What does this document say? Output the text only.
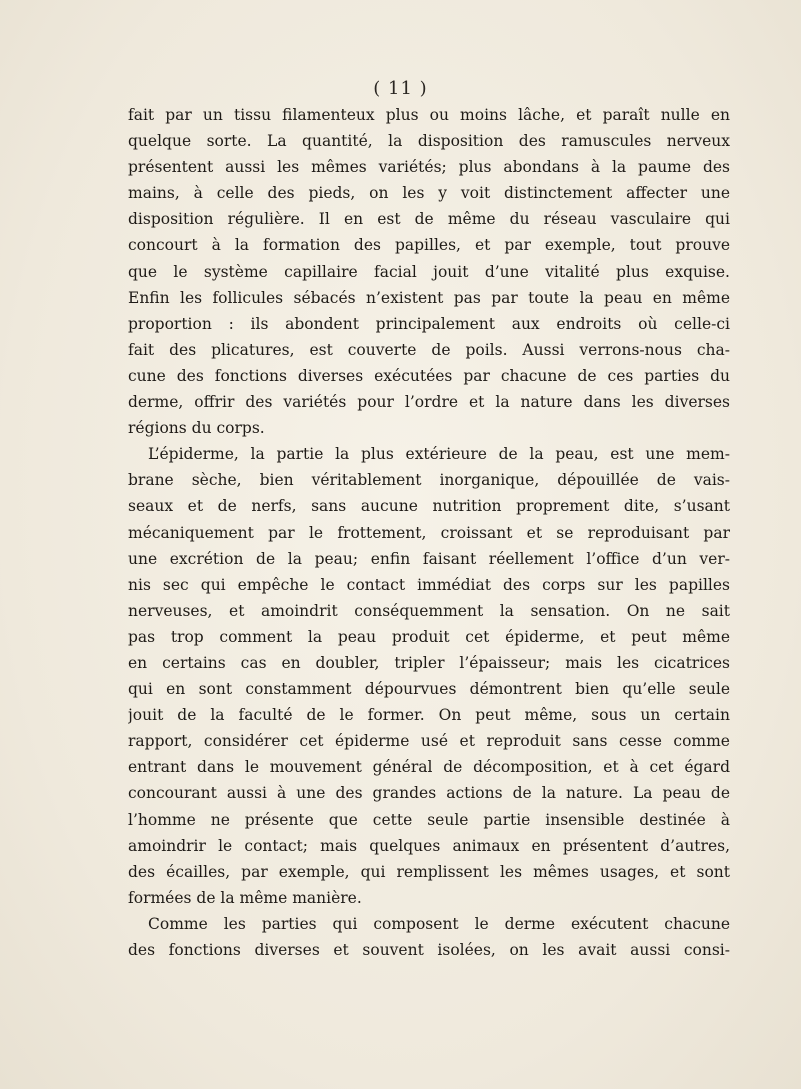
( 11 )
fait par un tissu filamenteux plus ou moins lâche, et paraît nulle en
quelque sorte. La quantité, la disposition des ramuscules nerveux
présentent aussi les mêmes variétés; plus abondans à la paume des
mains, à celle des pieds, on les y voit distinctement affecter une
disposition régulière. Il en est de même du réseau vasculaire qui
concourt à la formation des papilles, et par exemple, tout prouve
que le système capillaire facial jouit d’une vitalité plus exquise.
Enfin les follicules sébacés n’existent pas par toute la peau en même
proportion : ils abondent principalement aux endroits où celle-ci
fait des plicatures, est couverte de poils. Aussi verrons-nous cha-
cune des fonctions diverses exécutées par chacune de ces parties du
derme, offrir des variétés pour l’ordre et la nature dans les diverses
régions du corps.
L’épiderme, la partie la plus extérieure de la peau, est une mem-
brane sèche, bien véritablement inorganique, dépouillée de vais-
seaux et de nerfs, sans aucune nutrition proprement dite, s’usant
mécaniquement par le frottement, croissant et se reproduisant par
une excrétion de la peau; enfin faisant réellement l’office d’un ver-
nis sec qui empêche le contact immédiat des corps sur les papilles
nerveuses, et amoindrit conséquemment la sensation. On ne sait
pas trop comment la peau produit cet épiderme, et peut même
en certains cas en doubler, tripler l’épaisseur; mais les cicatrices
qui en sont constamment dépourvues démontrent bien qu’elle seule
jouit de la faculté de le former. On peut même, sous un certain
rapport, considérer cet épiderme usé et reproduit sans cesse comme
entrant dans le mouvement général de décomposition, et à cet égard
concourant aussi à une des grandes actions de la nature. La peau de
l’homme ne présente que cette seule partie insensible destinée à
amoindrir le contact; mais quelques animaux en présentent d’autres,
des écailles, par exemple, qui remplissent les mêmes usages, et sont
formées de la même manière.
Comme les parties qui composent le derme exécutent chacune
des fonctions diverses et souvent isolées, on les avait aussi consi-
